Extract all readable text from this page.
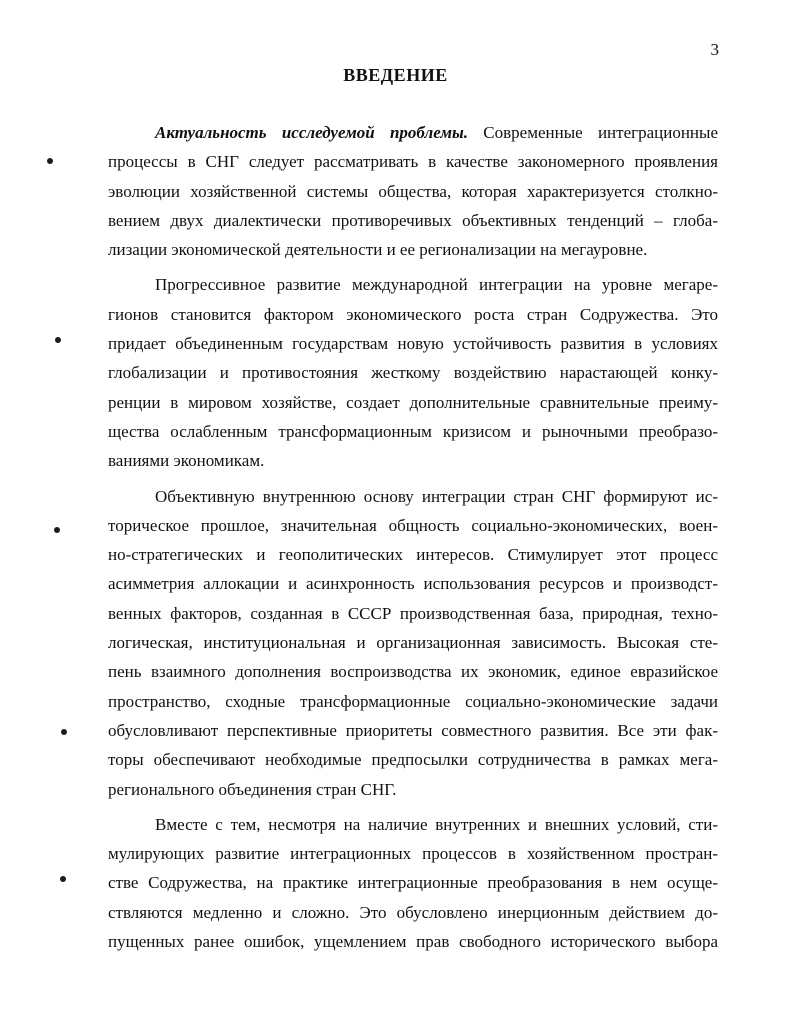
3
ВВЕДЕНИЕ
Актуальность исследуемой проблемы. Современные интеграционные
процессы в СНГ следует рассматривать в качестве закономерного проявления
эволюции хозяйственной системы общества, которая характеризуется столкно-
вением двух диалектически противоречивых объективных тенденций – глоба-
лизации экономической деятельности и ее регионализации на мегауровне.
Прогрессивное развитие международной интеграции на уровне мегаре-
гионов становится фактором экономического роста стран Содружества. Это
придает объединенным государствам новую устойчивость развития в условиях
глобализации и противостояния жесткому воздействию нарастающей конку-
ренции в мировом хозяйстве, создает дополнительные сравнительные преиму-
щества ослабленным трансформационным кризисом и рыночными преобразо-
ваниями экономикам.
Объективную внутреннюю основу интеграции стран СНГ формируют ис-
торическое прошлое, значительная общность социально-экономических, воен-
но-стратегических и геополитических интересов. Стимулирует этот процесс
асимметрия аллокации и асинхронность использования ресурсов и производст-
венных факторов, созданная в СССР производственная база, природная, техно-
логическая, институциональная и организационная зависимость. Высокая сте-
пень взаимного дополнения воспроизводства их экономик, единое евразийское
пространство, сходные трансформационные социально-экономические задачи
обусловливают перспективные приоритеты совместного развития. Все эти фак-
торы обеспечивают необходимые предпосылки сотрудничества в рамках мега-
регионального объединения стран СНГ.
Вместе с тем, несмотря на наличие внутренних и внешних условий, сти-
мулирующих развитие интеграционных процессов в хозяйственном простран-
стве Содружества, на практике интеграционные преобразования в нем осуще-
ствляются медленно и сложно. Это обусловлено инерционным действием до-
пущенных ранее ошибок, ущемлением прав свободного исторического выбора
